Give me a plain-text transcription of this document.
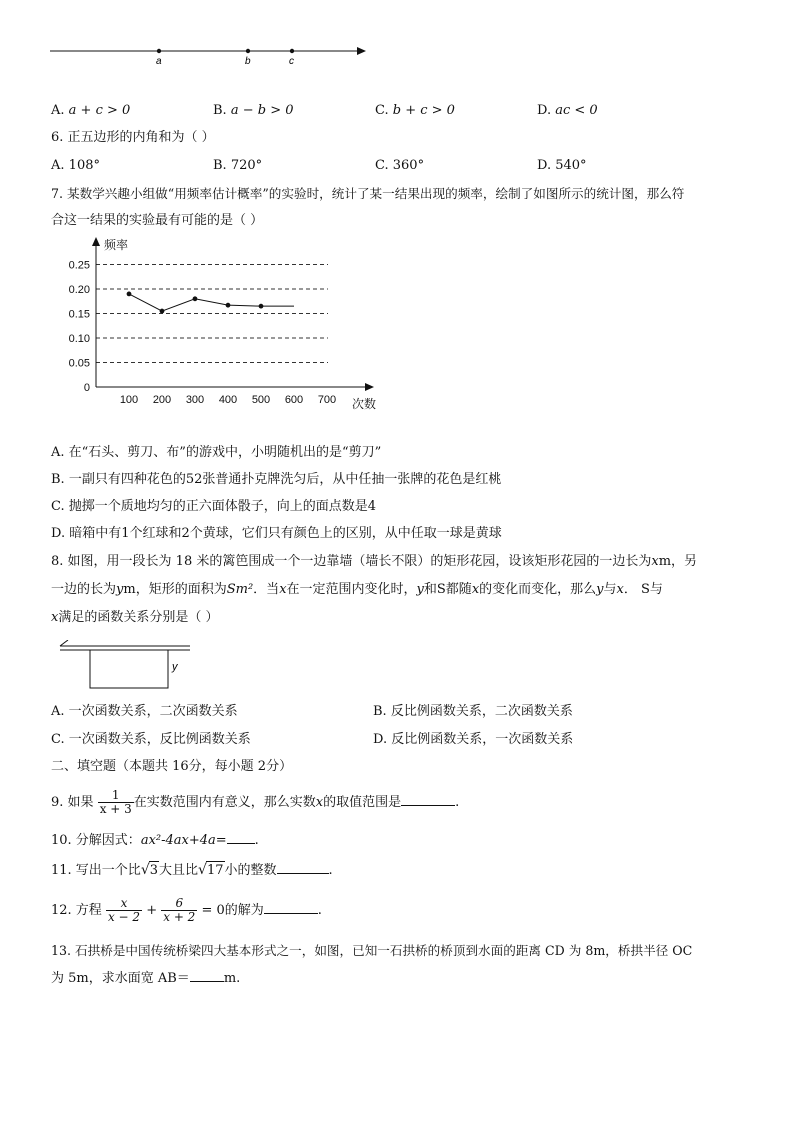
a	b	c
A. a + c > 0	B. a − b > 0	C. b + c > 0	D. ac < 0
6. 正五边形的内角和为（ ）
A. 108°	B. 720°	C. 360°	D. 540°
7. 某数学兴趣小组做“用频率估计概率”的实验时，统计了某一结果出现的频率，绘制了如图所示的统计图，那么符
合这一结果的实验最有可能的是（ ）
0
0.05
0.10
0.15
0.20
0.25
100 200 300 400 500 600 700
频率
次数
A. 在“石头、剪刀、布”的游戏中，小明随机出的是“剪刀”
B. 一副只有四种花色的52张普通扑克牌洗匀后，从中任抽一张牌的花色是红桃
C. 抛掷一个质地均匀的正六面体骰子，向上的面点数是4
D. 暗箱中有1个红球和2个黄球，它们只有颜色上的区别，从中任取一球是黄球
8. 如图，用一段长为 18 米的篱笆围成一个一边靠墙（墙长不限）的矩形花园，设该矩形花园的一边长为xm，另
一边的长为ym，矩形的面积为Sm²．当x在一定范围内变化时，y和S都随x的变化而变化，那么y与x． S与
x满足的函数关系分别是（ ）
y
A. 一次函数关系，二次函数关系	B. 反比例函数关系，二次函数关系
C. 一次函数关系，反比例函数关系	D. 反比例函数关系，一次函数关系
二、填空题（本题共 16分，每小题 2分）
9. 如果 $\frac{1}{x + 3}$ 在实数范围内有意义，那么实数x的取值范围是	.
10. 分解因式：ax²-4ax+4a= .
11. 写出一个比√3大且比√17小的整数	.
12. 方程 $\frac{x}{x - 2} + \frac{6}{x + 2} = 0$的解为	.
13. 石拱桥是中国传统桥梁四大基本形式之一，如图，已知一石拱桥的桥顶到水面的距离 CD 为 8m，桥拱半径 OC
为 5m，求水面宽 AB＝	m.
